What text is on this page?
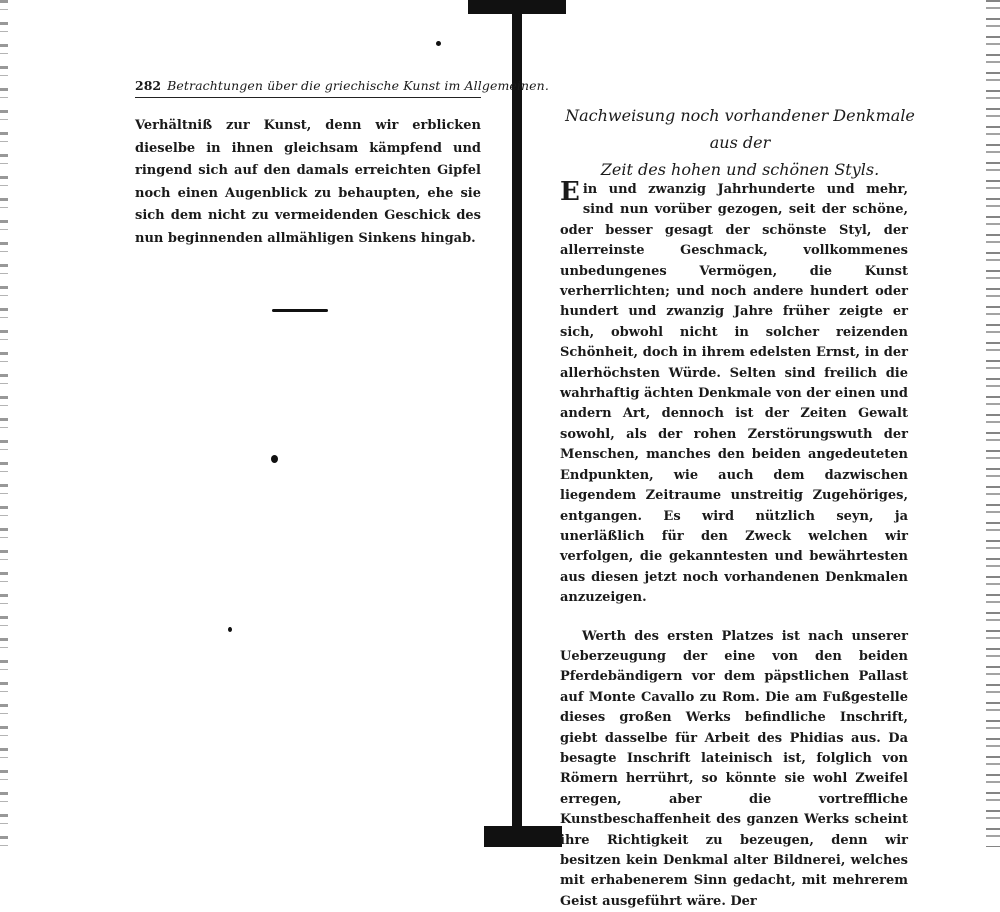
282 Betrachtungen über die griechische Kunst im Allgemeinen.
Verhältniß zur Kunst, denn wir erblicken dieselbe in ihnen gleichsam kämpfend und ringend sich auf den damals erreichten Gipfel noch einen Augenblick zu behaupten, ehe sie sich dem nicht zu vermeidenden Geschick des nun beginnenden allmähligen Sinkens hingab.

Nachweisung noch vorhandener Denkmale aus der

Zeit des hohen und schönen Styls.

Ein und zwanzig Jahrhunderte und mehr, sind nun vorüber gezogen, seit der schöne, oder besser gesagt der schönste Styl, der allerreinste Geschmack, vollkommenes unbedungenes Vermögen, die Kunst verherrlichten; und noch andere hundert oder hundert und zwanzig Jahre früher zeigte er sich, obwohl nicht in solcher reizenden Schönheit, doch in ihrem edelsten Ernst, in der allerhöchsten Würde. Selten sind freilich die wahrhaftig ächten Denkmale von der einen und andern Art, dennoch ist der Zeiten Gewalt sowohl, als der rohen Zerstörungswuth der Menschen, manches den beiden angedeuteten Endpunkten, wie auch dem dazwischen liegendem Zeitraume unstreitig Zugehöriges, entgangen. Es wird nützlich seyn, ja unerläßlich für den Zweck welchen wir verfolgen, die gekanntesten und bewährtesten aus diesen jetzt noch vorhandenen Denkmalen anzuzeigen.

Werth des ersten Platzes ist nach unserer Ueberzeugung der eine von den beiden Pferdebändigern vor dem päpstlichen Pallast auf Monte Cavallo zu Rom. Die am Fußgestelle dieses großen Werks befindliche Inschrift, giebt dasselbe für Arbeit des Phidias aus. Da besagte Inschrift lateinisch ist, folglich von Römern herrührt, so könnte sie wohl Zweifel erregen, aber die vortreffliche Kunstbeschaffenheit des ganzen Werks scheint ihre Richtigkeit zu bezeugen, denn wir besitzen kein Denkmal alter Bildnerei, welches mit erhabenerem Sinn gedacht, mit mehrerem Geist ausgeführt wäre. Der
